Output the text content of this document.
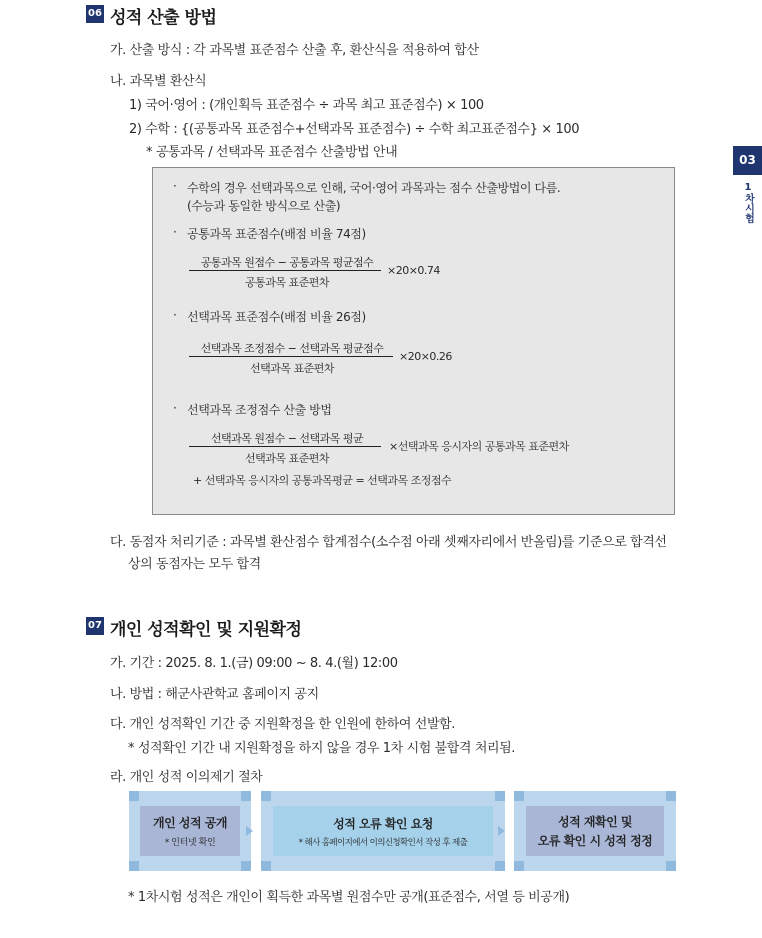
03
1차시험
06 성적 산출 방법
가. 산출 방식 : 각 과목별 표준점수 산출 후, 환산식을 적용하여 합산
나. 과목별 환산식
1) 국어·영어 : (개인획득 표준점수 ÷ 과목 최고 표준점수) × 100
2) 수학 : {(공통과목 표준점수+선택과목 표준점수) ÷ 수학 최고표준점수} × 100
* 공통과목 / 선택과목 표준점수 산출방법 안내
· 수학의 경우 선택과목으로 인해, 국어·영어 과목과는 점수 산출방법이 다름.
(수능과 동일한 방식으로 산출)
· 공통과목 표준점수(배점 비율 74점)
공통과목 원점수 − 공통과목 평균점수
공통과목 표준편차
×20×0.74
· 선택과목 표준점수(배점 비율 26점)
선택과목 조정점수 − 선택과목 평균점수
선택과목 표준편차
×20×0.26
· 선택과목 조정점수 산출 방법
선택과목 원점수 − 선택과목 평균
선택과목 표준편차
×선택과목 응시자의 공통과목 표준편차
+ 선택과목 응시자의 공통과목평균 = 선택과목 조정점수
다. 동점자 처리기준 : 과목별 환산점수 합계점수(소수점 아래 셋째자리에서 반올림)를 기준으로 합격선
상의 동점자는 모두 합격
07 개인 성적확인 및 지원확정
가. 기간 : 2025. 8. 1.(금) 09:00 ~ 8. 4.(월) 12:00
나. 방법 : 해군사관학교 홈페이지 공지
다. 개인 성적확인 기간 중 지원확정을 한 인원에 한하여 선발함.
* 성적확인 기간 내 지원확정을 하지 않을 경우 1차 시험 불합격 처리됨.
라. 개인 성적 이의제기 절차
개인 성적 공개
* 인터넷 확인
성적 오류 확인 요청
* 해사 홈페이지에서 이의신청확인서 작성 후 제출
성적 재확인 및
오류 확인 시 성적 정정
* 1차시험 성적은 개인이 획득한 과목별 원점수만 공개(표준점수, 서열 등 비공개)
